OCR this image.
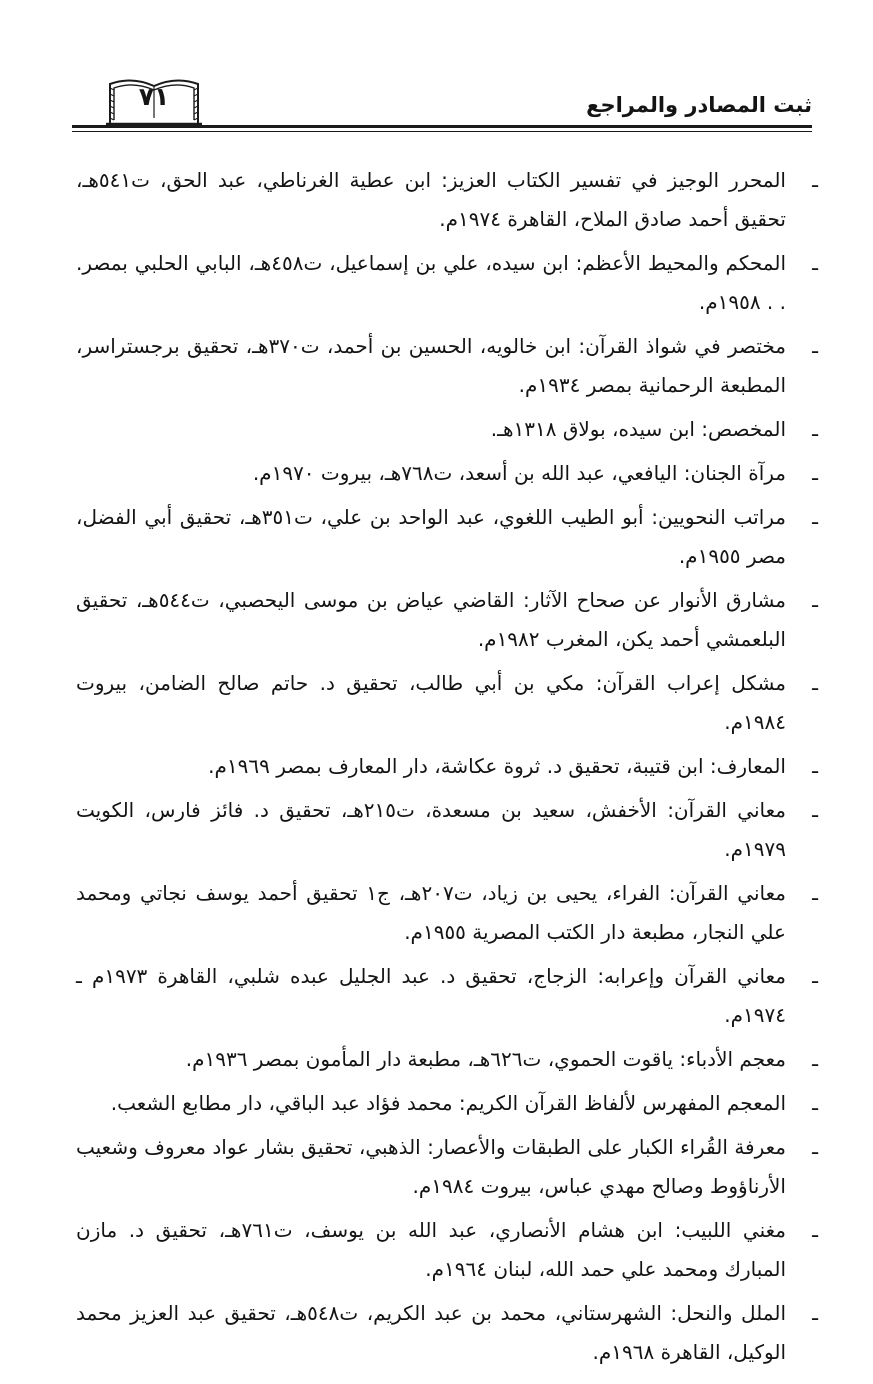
ثبت المصادر والمراجع
٧١
ـ
المحرر الوجيز في تفسير الكتاب العزيز: ابن عطية الغرناطي، عبد الحق، ت٥٤١هـ، تحقيق أحمد صادق الملاح، القاهرة ١٩٧٤م.
ـ
المحكم والمحيط الأعظم: ابن سيده، علي بن إسماعيل، ت٤٥٨هـ، البابي الحلبي بمصر. . . ١٩٥٨م.
ـ
مختصر في شواذ القرآن: ابن خالويه، الحسين بن أحمد، ت٣٧٠هـ، تحقيق برجستراسر، المطبعة الرحمانية بمصر ١٩٣٤م.
ـ
المخصص: ابن سيده، بولاق ١٣١٨هـ.
ـ
مرآة الجنان: اليافعي، عبد الله بن أسعد، ت٧٦٨هـ، بيروت ١٩٧٠م.
ـ
مراتب النحويين: أبو الطيب اللغوي، عبد الواحد بن علي، ت٣٥١هـ، تحقيق أبي الفضل، مصر ١٩٥٥م.
ـ
مشارق الأنوار عن صحاح الآثار: القاضي عياض بن موسى اليحصبي، ت٥٤٤هـ، تحقيق البلعمشي أحمد يكن، المغرب ١٩٨٢م.
ـ
مشكل إعراب القرآن: مكي بن أبي طالب، تحقيق د. حاتم صالح الضامن، بيروت ١٩٨٤م.
ـ
المعارف: ابن قتيبة، تحقيق د. ثروة عكاشة، دار المعارف بمصر ١٩٦٩م.
ـ
معاني القرآن: الأخفش، سعيد بن مسعدة، ت٢١٥هـ، تحقيق د. فائز فارس، الكويت ١٩٧٩م.
ـ
معاني القرآن: الفراء، يحيى بن زياد، ت٢٠٧هـ، ج١ تحقيق أحمد يوسف نجاتي ومحمد علي النجار، مطبعة دار الكتب المصرية ١٩٥٥م.
ـ
معاني القرآن وإعرابه: الزجاج، تحقيق د. عبد الجليل عبده شلبي، القاهرة ١٩٧٣م ـ ١٩٧٤م.
ـ
معجم الأدباء: ياقوت الحموي، ت٦٢٦هـ، مطبعة دار المأمون بمصر ١٩٣٦م.
ـ
المعجم المفهرس لألفاظ القرآن الكريم: محمد فؤاد عبد الباقي، دار مطابع الشعب.
ـ
معرفة القُراء الكبار على الطبقات والأعصار: الذهبي، تحقيق بشار عواد معروف وشعيب الأرناؤوط وصالح مهدي عباس، بيروت ١٩٨٤م.
ـ
مغني اللبيب: ابن هشام الأنصاري، عبد الله بن يوسف، ت٧٦١هـ، تحقيق د. مازن المبارك ومحمد علي حمد الله، لبنان ١٩٦٤م.
ـ
الملل والنحل: الشهرستاني، محمد بن عبد الكريم، ت٥٤٨هـ، تحقيق عبد العزيز محمد الوكيل، القاهرة ١٩٦٨م.
